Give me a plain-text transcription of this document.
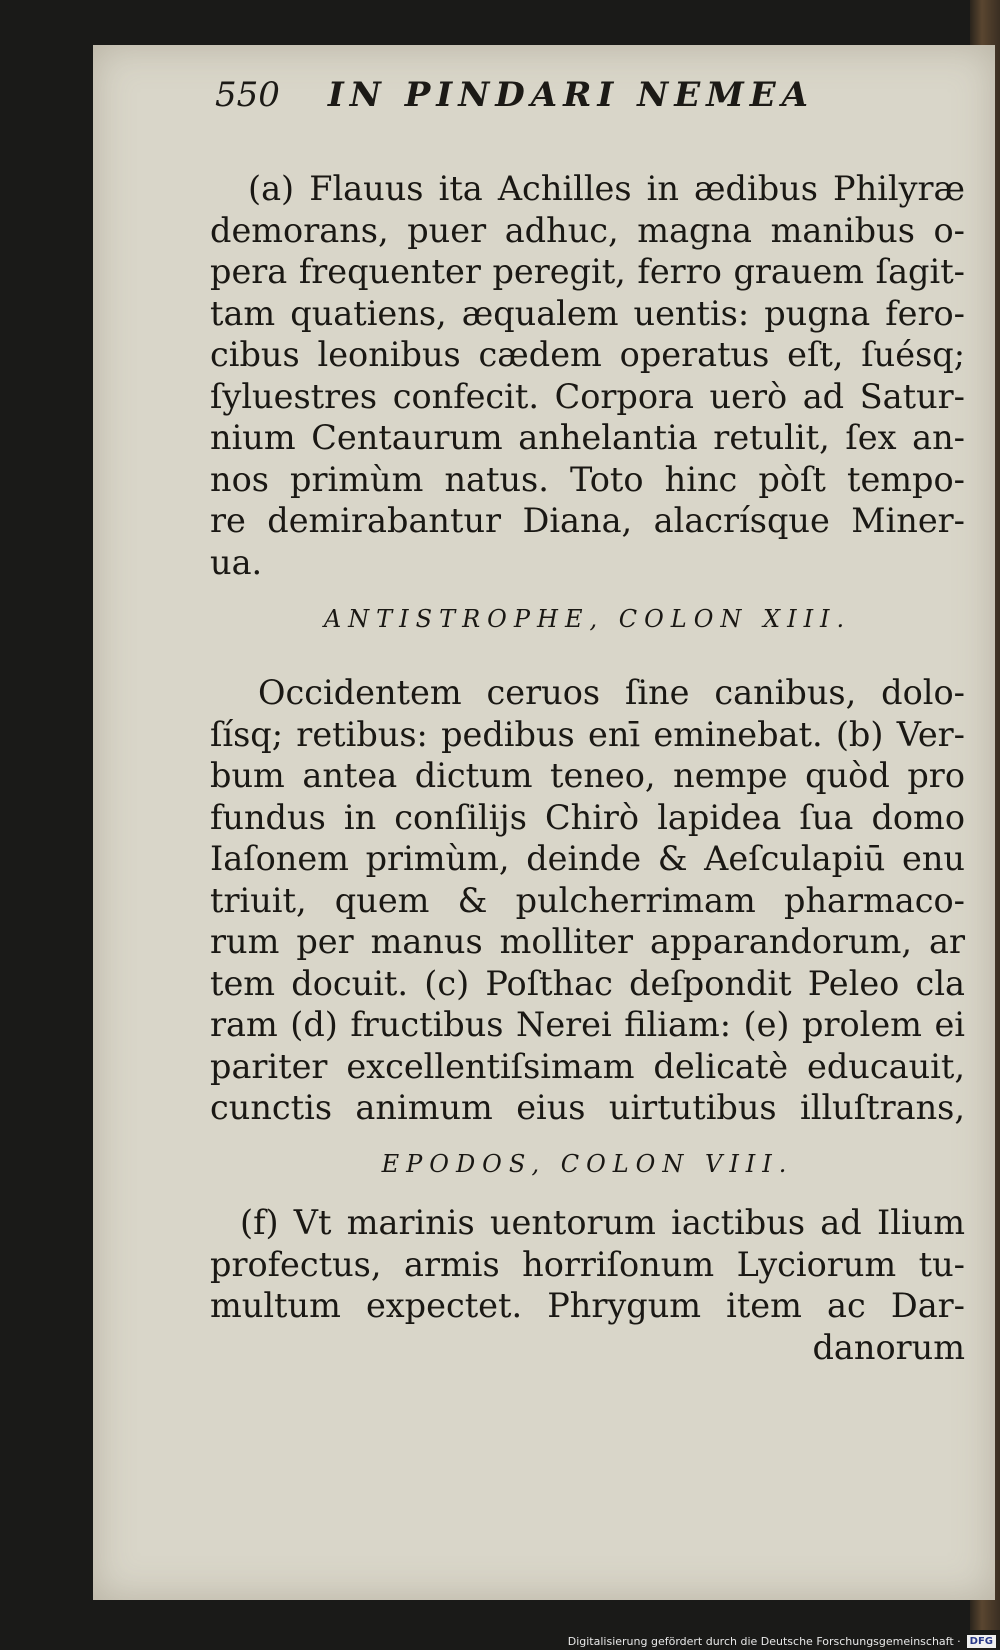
550 IN PINDARI NEMEA
(a) Flauus ita Achilles in ædibus Philyræ
demorans, puer adhuc, magna manibus o-
pera frequenter peregit, ferro grauem ſagit-
tam quatiens, æqualem uentis: pugna fero-
cibus leonibus cædem operatus eſt, ſuésq;
ſyluestres confecit. Corpora uerò ad Satur-
nium Centaurum anhelantia retulit, ſex an-
nos primùm natus. Toto hinc pòſt tempo-
re demirabantur Diana, alacrísque Miner-
ua.
ANTISTROPHE, COLON XIII.
Occidentem ceruos ſine canibus, dolo-
ſísq; retibus: pedibus enī eminebat. (b) Ver-
bum antea dictum teneo, nempe quòd pro
fundus in conſilijs Chirò lapidea ſua domo
Iaſonem primùm, deinde & Aeſculapiū enu
triuit, quem & pulcherrimam pharmaco-
rum per manus molliter apparandorum, ar
tem docuit. (c) Poſthac deſpondit Peleo cla
ram (d) fructibus Nerei filiam: (e) prolem ei
pariter excellentiſsimam delicatè educauit,
cunctis animum eius uirtutibus illuſtrans,
EPODOS, COLON VIII.
(f) Vt marinis uentorum iactibus ad Ilium
profectus, armis horriſonum Lyciorum tu-
multum expectet. Phrygum item ac Dar-
danorum
Digitalisierung gefördert durch die Deutsche Forschungsgemeinschaft · DFG
